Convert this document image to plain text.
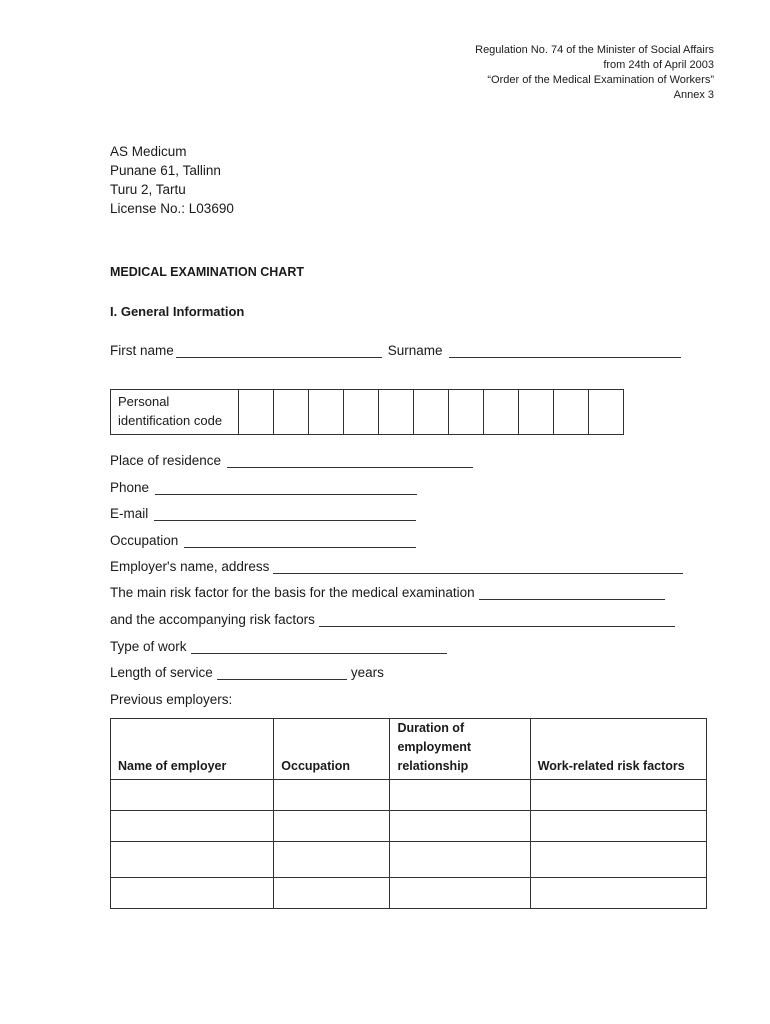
Regulation No. 74 of the Minister of Social Affairs
from 24th of April 2003
“Order of the Medical Examination of Workers”
Annex 3
AS Medicum
Punane 61, Tallinn
Turu 2, Tartu
License No.: L03690
MEDICAL EXAMINATION CHART
I. General Information
First name	Surname
Personal
identification code

Place of residence
Phone
E-mail
Occupation
Employer's name, address
The main risk factor for the basis for the medical examination
and the accompanying risk factors
Type of work
Length of service	years
Previous employers:
Name of employer	Occupation	Duration of
employment
relationship	Work-related risk factors
